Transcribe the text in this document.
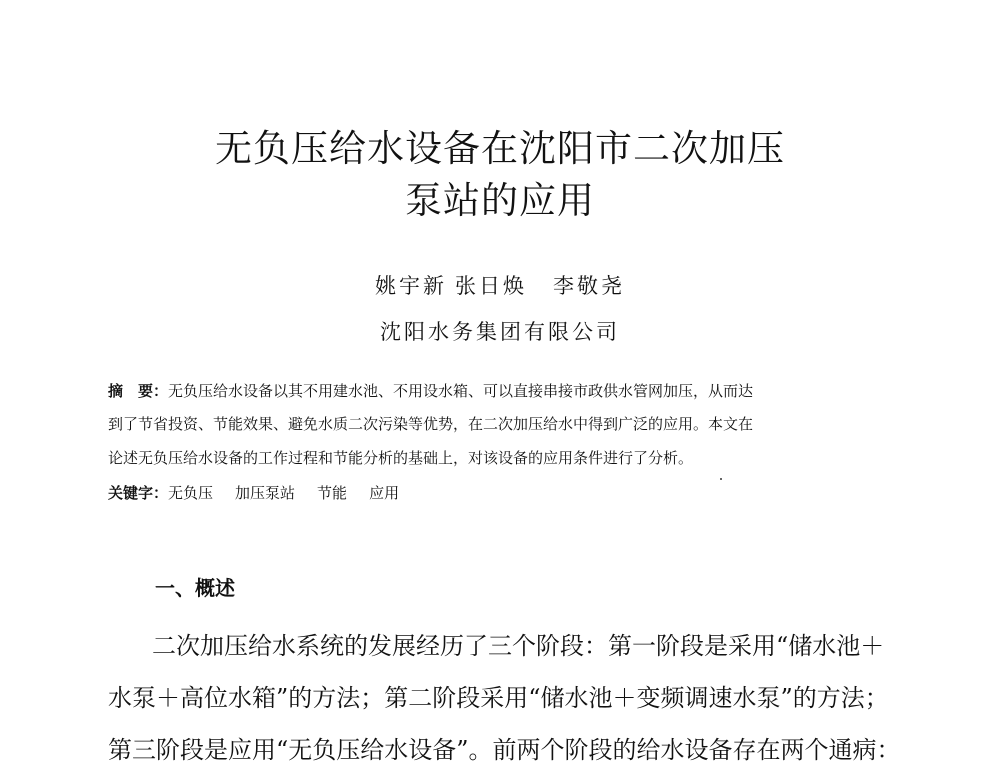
无负压给水设备在沈阳市二次加压
泵站的应用
姚宇新 张日焕 李敬尧
沈阳水务集团有限公司
摘　要：无负压给水设备以其不用建水池、不用设水箱、可以直接串接市政供水管网加压，从而达
到了节省投资、节能效果、避免水质二次污染等优势，在二次加压给水中得到广泛的应用。本文在
论述无负压给水设备的工作过程和节能分析的基础上，对该设备的应用条件进行了分析。
关键字：无负压 加压泵站 节能 应用
一、概述
二次加压给水系统的发展经历了三个阶段：第一阶段是采用“储水池＋
水泵＋高位水箱”的方法；第二阶段采用“储水池＋变频调速水泵”的方法；
第三阶段是应用“无负压给水设备”。前两个阶段的给水设备存在两个通病：
